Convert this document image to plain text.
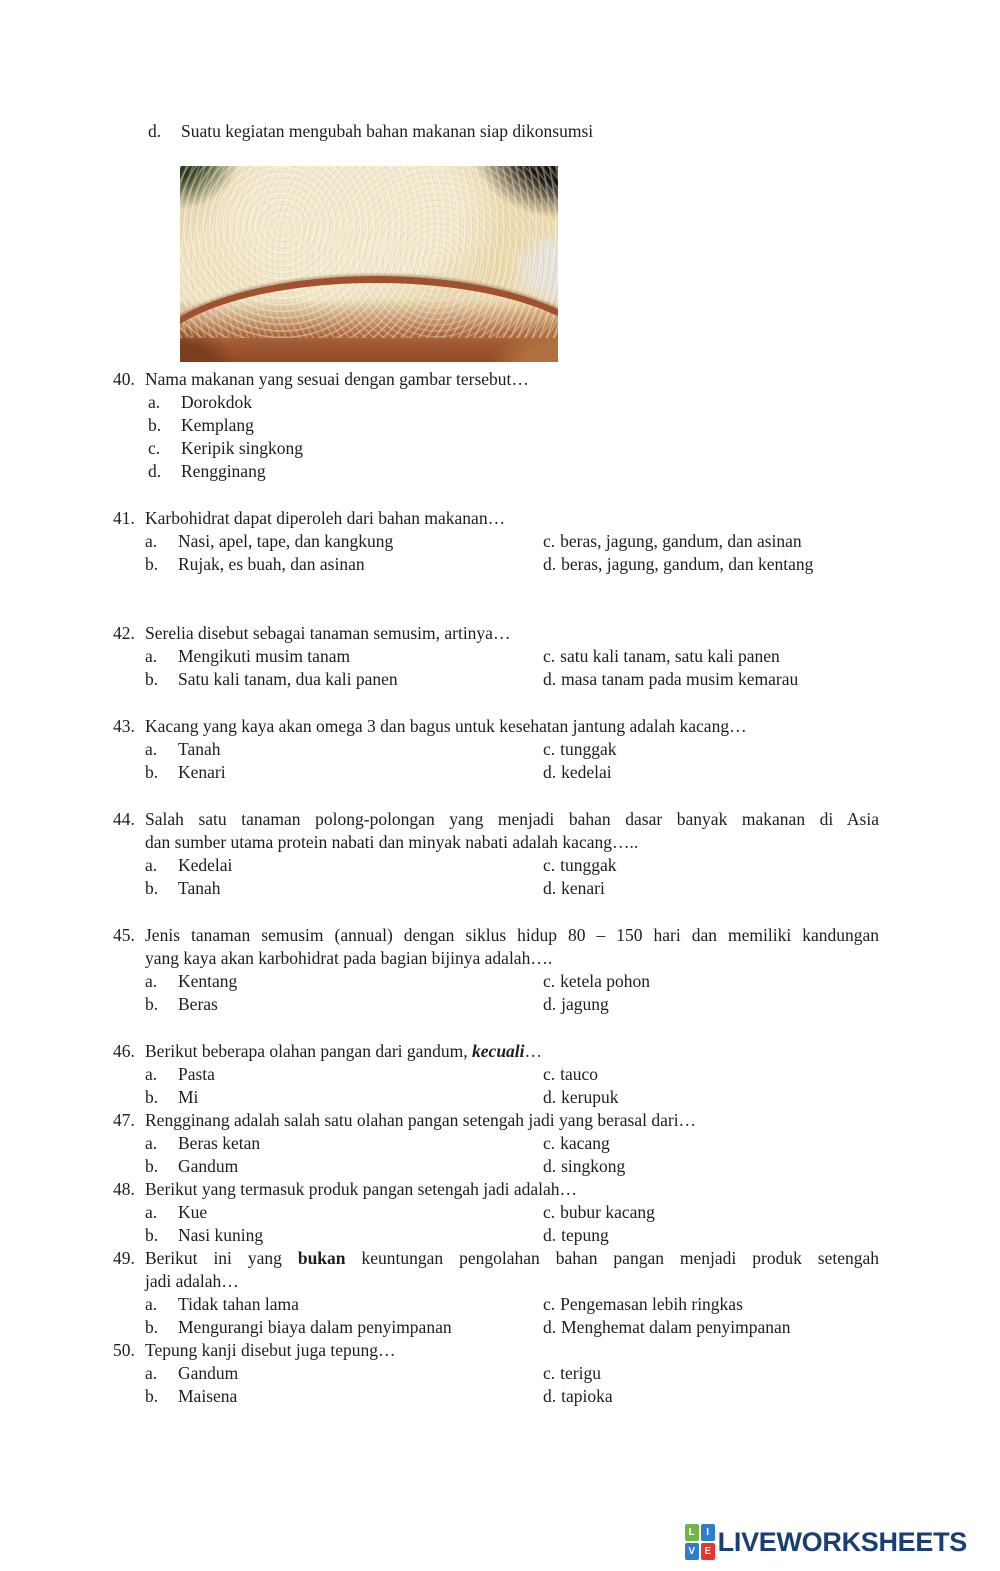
d.	Suatu kegiatan mengubah bahan makanan siap dikonsumsi
40. Nama makanan yang sesuai dengan gambar tersebut…
a.	Dorokdok
b.	Kemplang
c.	Keripik singkong
d.	Rengginang
41. Karbohidrat dapat diperoleh dari bahan makanan…
a.	Nasi, apel, tape, dan kangkung	c. beras, jagung, gandum, dan asinan
b.	Rujak, es buah, dan asinan	d. beras, jagung, gandum, dan kentang
42. Serelia disebut sebagai tanaman semusim, artinya…
a.	Mengikuti musim tanam	c. satu kali tanam, satu kali panen
b.	Satu kali tanam, dua kali panen	d. masa tanam pada musim kemarau
43. Kacang yang kaya akan omega 3 dan bagus untuk kesehatan jantung adalah kacang…
a.	Tanah	c. tunggak
b.	Kenari	d. kedelai
44. Salah satu tanaman polong-polongan yang menjadi bahan dasar banyak makanan di Asia
dan sumber utama protein nabati dan minyak nabati adalah kacang…..
a.	Kedelai	c. tunggak
b.	Tanah	d. kenari
45. Jenis tanaman semusim (annual) dengan siklus hidup 80 – 150 hari dan memiliki kandungan
yang kaya akan karbohidrat pada bagian bijinya adalah….
a.	Kentang	c. ketela pohon
b.	Beras	d. jagung
46. Berikut beberapa olahan pangan dari gandum, kecuali…
a.	Pasta	c. tauco
b.	Mi	d. kerupuk
47. Rengginang adalah salah satu olahan pangan setengah jadi yang berasal dari…
a.	Beras ketan	c. kacang
b.	Gandum	d. singkong
48. Berikut yang termasuk produk pangan setengah jadi adalah…
a.	Kue	c. bubur kacang
b.	Nasi kuning	d. tepung
49. Berikut ini yang bukan keuntungan pengolahan bahan pangan menjadi produk setengah
jadi adalah…
a.	Tidak tahan lama	c. Pengemasan lebih ringkas
b.	Mengurangi biaya dalam penyimpanan	d. Menghemat dalam penyimpanan
50. Tepung kanji disebut juga tepung…
a.	Gandum	c. terigu
b.	Maisena	d. tapioka
L	I
V E LIVEWORKSHEETS
